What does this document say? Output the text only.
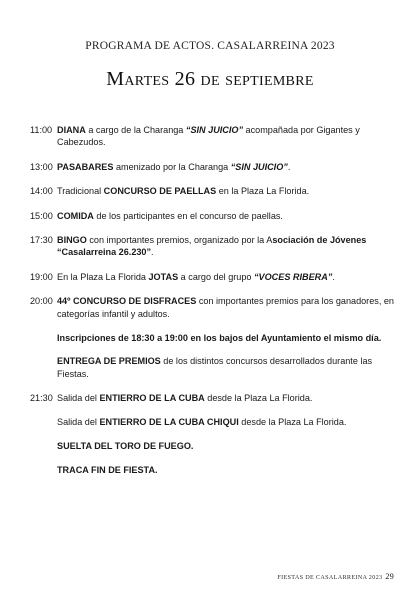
PROGRAMA DE ACTOS. CASALARREINA 2023
Martes 26 de septiembre
11:00 DIANA a cargo de la Charanga “SIN JUICIO” acompañada por Gigantes y Cabezudos.

13:00 PASABARES amenizado por la Charanga “SIN JUICIO”.

14:00 Tradicional CONCURSO DE PAELLAS en la Plaza La Florida.

15:00 COMIDA de los participantes en el concurso de paellas.

17:30 BINGO con importantes premios, organizado por la Asociación de Jóvenes “Casalarreina 26.230”.

19:00 En la Plaza La Florida JOTAS a cargo del grupo “VOCES RIBERA”.

20:00 44º CONCURSO DE DISFRACES con importantes premios para los ganadores, en categorías infantil y adultos.

Inscripciones de 18:30 a 19:00 en los bajos del Ayuntamiento el mismo día.

ENTREGA DE PREMIOS de los distintos concursos desarrollados durante las Fiestas.

21:30 Salida del ENTIERRO DE LA CUBA desde la Plaza La Florida.

Salida del ENTIERRO DE LA CUBA CHIQUI desde la Plaza La Florida.

SUELTA DEL TORO DE FUEGO.

TRACA FIN DE FIESTA.

FIESTAS DE CASALARREINA 2023 29
